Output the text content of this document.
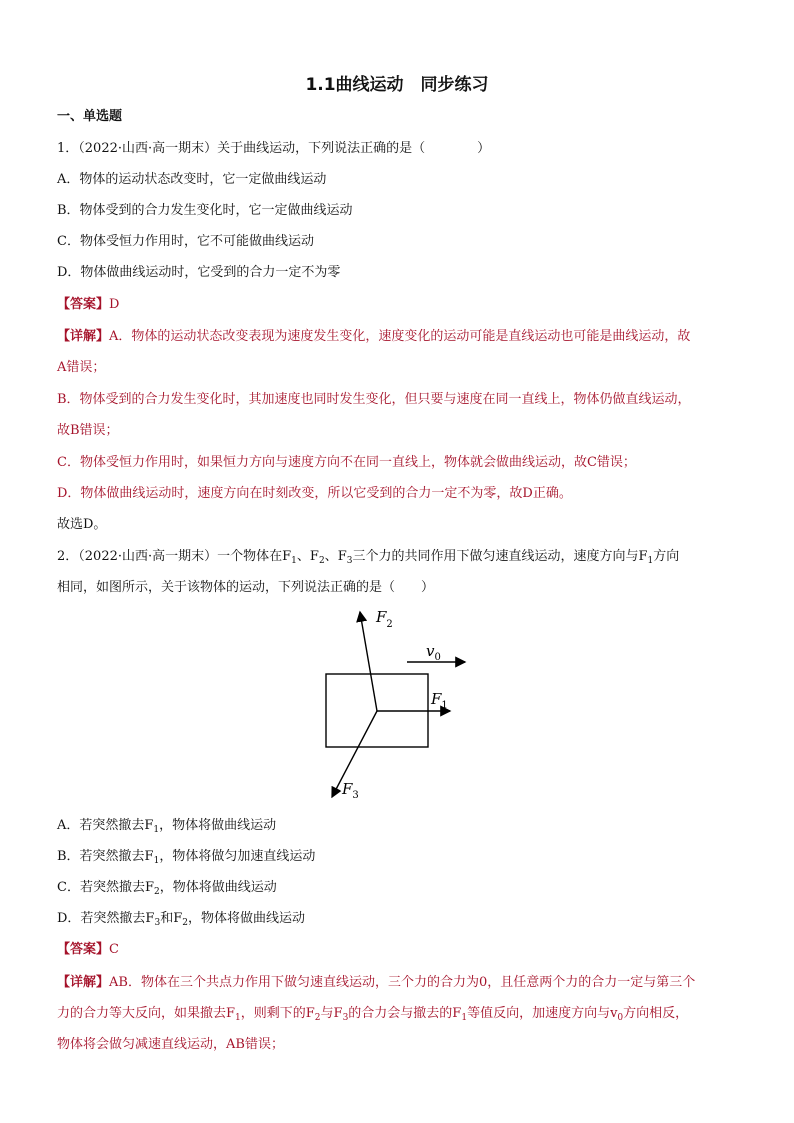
1.1曲线运动　同步练习
一、单选题
1．（2022·山西·高一期末）关于曲线运动，下列说法正确的是（　　　　）
A．物体的运动状态改变时，它一定做曲线运动
B．物体受到的合力发生变化时，它一定做曲线运动
C．物体受恒力作用时，它不可能做曲线运动
D．物体做曲线运动时，它受到的合力一定不为零
【答案】D
【详解】A．物体的运动状态改变表现为速度发生变化，速度变化的运动可能是直线运动也可能是曲线运动，故
A错误；
B．物体受到的合力发生变化时，其加速度也同时发生变化，但只要与速度在同一直线上，物体仍做直线运动，
故B错误；
C．物体受恒力作用时，如果恒力方向与速度方向不在同一直线上，物体就会做曲线运动，故C错误；
D．物体做曲线运动时，速度方向在时刻改变，所以它受到的合力一定不为零，故D正确。
故选D。
2．（2022·山西·高一期末）一个物体在$F_1$、$F_2$、$F_3$三个力的共同作用下做匀速直线运动，速度方向与$F_1$方向
相同，如图所示，关于该物体的运动，下列说法正确的是（　　）
$F_2$
$v_0$
$F_1$
$F_3$
A．若突然撤去$F_1$，物体将做曲线运动
B．若突然撤去$F_1$，物体将做匀加速直线运动
C．若突然撤去$F_2$，物体将做曲线运动
D．若突然撤去$F_3$和$F_2$，物体将做曲线运动
【答案】C
【详解】AB．物体在三个共点力作用下做匀速直线运动，三个力的合力为0，且任意两个力的合力一定与第三个
力的合力等大反向，如果撤去$F_1$，则剩下的$F_2$与$F_3$的合力会与撤去的$F_1$等值反向，加速度方向与$v_0$方向相反，
物体将会做匀减速直线运动，AB错误；
